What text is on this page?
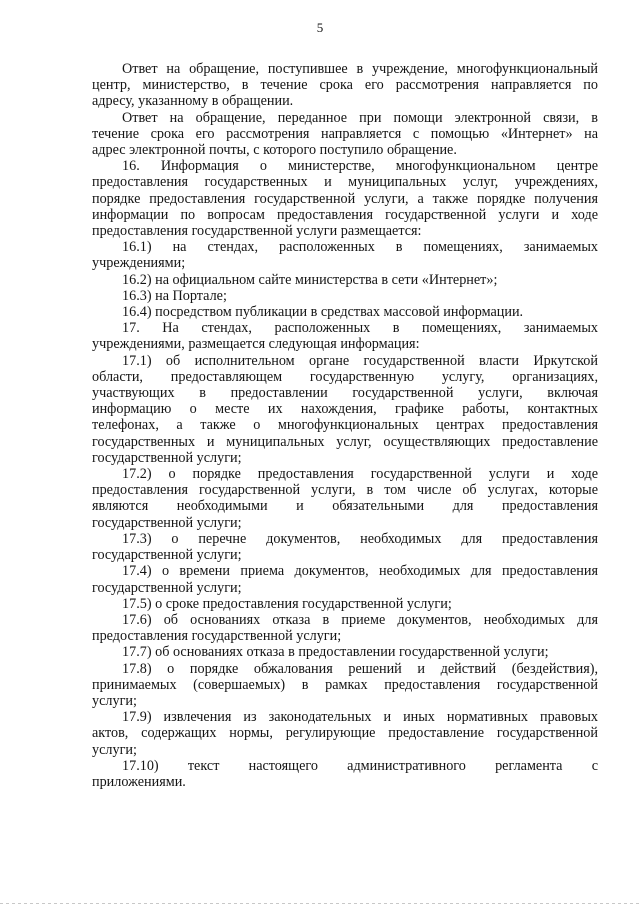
5
Ответ на обращение, поступившее в учреждение, многофункциональный
центр, министерство, в течение срока его рассмотрения направляется по
адресу, указанному в обращении.
Ответ на обращение, переданное при помощи электронной связи, в
течение срока его рассмотрения направляется с помощью «Интернет» на
адрес электронной почты, с которого поступило обращение.
16. Информация о министерстве, многофункциональном центре
предоставления государственных и муниципальных услуг, учреждениях,
порядке предоставления государственной услуги, а также порядке получения
информации по вопросам предоставления государственной услуги и ходе
предоставления государственной услуги размещается:
16.1) на стендах, расположенных в помещениях, занимаемых
учреждениями;
16.2) на официальном сайте министерства в сети «Интернет»;
16.3) на Портале;
16.4) посредством публикации в средствах массовой информации.
17. На стендах, расположенных в помещениях, занимаемых
учреждениями, размещается следующая информация:
17.1) об исполнительном органе государственной власти Иркутской
области, предоставляющем государственную услугу, организациях,
участвующих в предоставлении государственной услуги, включая
информацию о месте их нахождения, графике работы, контактных
телефонах, а также о многофункциональных центрах предоставления
государственных и муниципальных услуг, осуществляющих предоставление
государственной услуги;
17.2) о порядке предоставления государственной услуги и ходе
предоставления государственной услуги, в том числе об услугах, которые
являются необходимыми и обязательными для предоставления
государственной услуги;
17.3) о перечне документов, необходимых для предоставления
государственной услуги;
17.4) о времени приема документов, необходимых для предоставления
государственной услуги;
17.5) о сроке предоставления государственной услуги;
17.6) об основаниях отказа в приеме документов, необходимых для
предоставления государственной услуги;
17.7) об основаниях отказа в предоставлении государственной услуги;
17.8) о порядке обжалования решений и действий (бездействия),
принимаемых (совершаемых) в рамках предоставления государственной
услуги;
17.9) извлечения из законодательных и иных нормативных правовых
актов, содержащих нормы, регулирующие предоставление государственной
услуги;
17.10) текст настоящего административного регламента с
приложениями.
